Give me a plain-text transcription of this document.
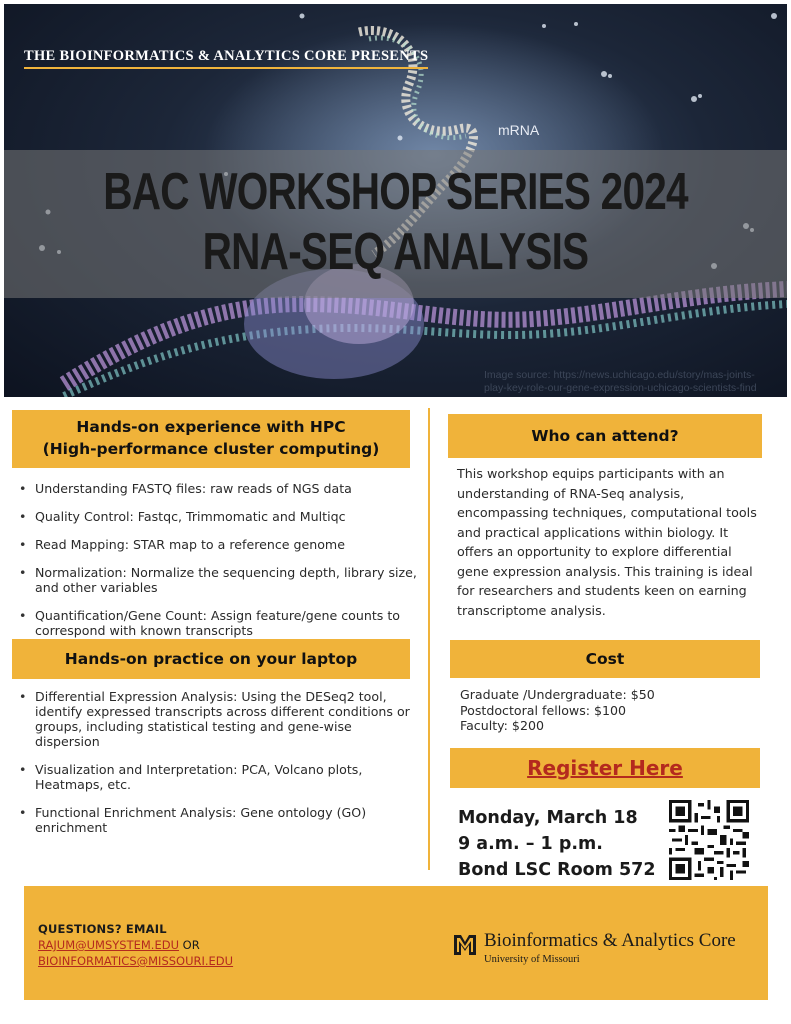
THE BIOINFORMATICS & ANALYTICS CORE PRESENTS
mRNA
BAC WORKSHOP SERIES 2024
RNA-SEQ ANALYSIS
Image source: https://news.uchicago.edu/story/mas-joints-
play-key-role-our-gene-expression-uchicago-scientists-find
Hands-on experience with HPC
(High-performance cluster computing)
• Understanding FASTQ files: raw reads of NGS data
• Quality Control: Fastqc, Trimmomatic and Multiqc
• Read Mapping: STAR map to a reference genome
• Normalization: Normalize the sequencing depth, library size, and other variables
• Quantification/Gene Count: Assign feature/gene counts to correspond with known transcripts
Hands-on practice on your laptop
• Differential Expression Analysis: Using the DESeq2 tool, identify expressed transcripts across different conditions or groups, including statistical testing and gene-wise dispersion
• Visualization and Interpretation: PCA, Volcano plots, Heatmaps, etc.
• Functional Enrichment Analysis: Gene ontology (GO) enrichment
Who can attend?
This workshop equips participants with an understanding of RNA-Seq analysis, encompassing techniques, computational tools and practical applications within biology. It offers an opportunity to explore differential gene expression analysis. This training is ideal for researchers and students keen on earning transcriptome analysis.
Cost
Graduate /Undergraduate: $50
Postdoctoral fellows: $100
Faculty: $200
Register Here
Monday, March 18
9 a.m. – 1 p.m.
Bond LSC Room 572
QUESTIONS? EMAIL
RAJUM@UMSYSTEM.EDU OR
BIOINFORMATICS@MISSOURI.EDU
Bioinformatics & Analytics Core
University of Missouri
